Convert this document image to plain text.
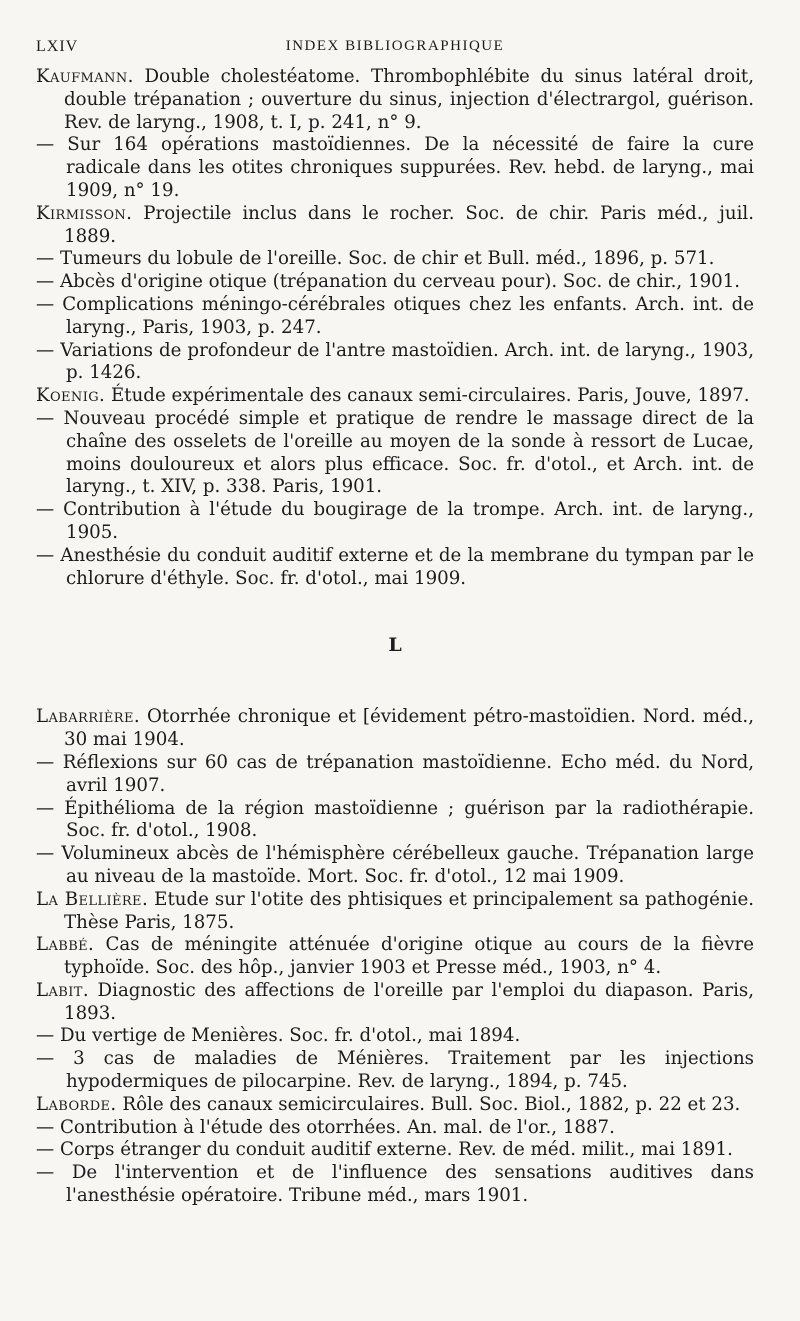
LXIV	INDEX BIBLIOGRAPHIQUE

Kaufmann. Double cholestéatome. Thrombophlébite du sinus latéral droit, double trépanation ; ouverture du sinus, injection d'électrargol, guérison. Rev. de laryng., 1908, t. I, p. 241, n° 9.

— Sur 164 opérations mastoïdiennes. De la nécessité de faire la cure radicale dans les otites chroniques suppurées. Rev. hebd. de laryng., mai 1909, n° 19.

Kirmisson. Projectile inclus dans le rocher. Soc. de chir. Paris méd., juil. 1889.

— Tumeurs du lobule de l'oreille. Soc. de chir et Bull. méd., 1896, p. 571.

— Abcès d'origine otique (trépanation du cerveau pour). Soc. de chir., 1901.

— Complications méningo-cérébrales otiques chez les enfants. Arch. int. de laryng., Paris, 1903, p. 247.

— Variations de profondeur de l'antre mastoïdien. Arch. int. de laryng., 1903, p. 1426.

Koenig. Étude expérimentale des canaux semi-circulaires. Paris, Jouve, 1897.

— Nouveau procédé simple et pratique de rendre le massage direct de la chaîne des osselets de l'oreille au moyen de la sonde à ressort de Lucae, moins douloureux et alors plus efficace. Soc. fr. d'otol., et Arch. int. de laryng., t. XIV, p. 338. Paris, 1901.

— Contribution à l'étude du bougirage de la trompe. Arch. int. de laryng., 1905.

— Anesthésie du conduit auditif externe et de la membrane du tympan par le chlorure d'éthyle. Soc. fr. d'otol., mai 1909.

L

Labarrière. Otorrhée chronique et [évidement pétro-mastoïdien. Nord. méd., 30 mai 1904.

— Réflexions sur 60 cas de trépanation mastoïdienne. Echo méd. du Nord, avril 1907.

— Épithélioma de la région mastoïdienne ; guérison par la radiothérapie. Soc. fr. d'otol., 1908.

— Volumineux abcès de l'hémisphère cérébelleux gauche. Trépanation large au niveau de la mastoïde. Mort. Soc. fr. d'otol., 12 mai 1909.

La Bellière. Etude sur l'otite des phtisiques et principalement sa pathogénie. Thèse Paris, 1875.

Labbé. Cas de méningite atténuée d'origine otique au cours de la fièvre typhoïde. Soc. des hôp., janvier 1903 et Presse méd., 1903, n° 4.

Labit. Diagnostic des affections de l'oreille par l'emploi du diapason. Paris, 1893.

— Du vertige de Menières. Soc. fr. d'otol., mai 1894.

— 3 cas de maladies de Ménières. Traitement par les injections hypodermiques de pilocarpine. Rev. de laryng., 1894, p. 745.

Laborde. Rôle des canaux semicirculaires. Bull. Soc. Biol., 1882, p. 22 et 23.

— Contribution à l'étude des otorrhées. An. mal. de l'or., 1887.

— Corps étranger du conduit auditif externe. Rev. de méd. milit., mai 1891.

— De l'intervention et de l'influence des sensations auditives dans l'anesthésie opératoire. Tribune méd., mars 1901.
